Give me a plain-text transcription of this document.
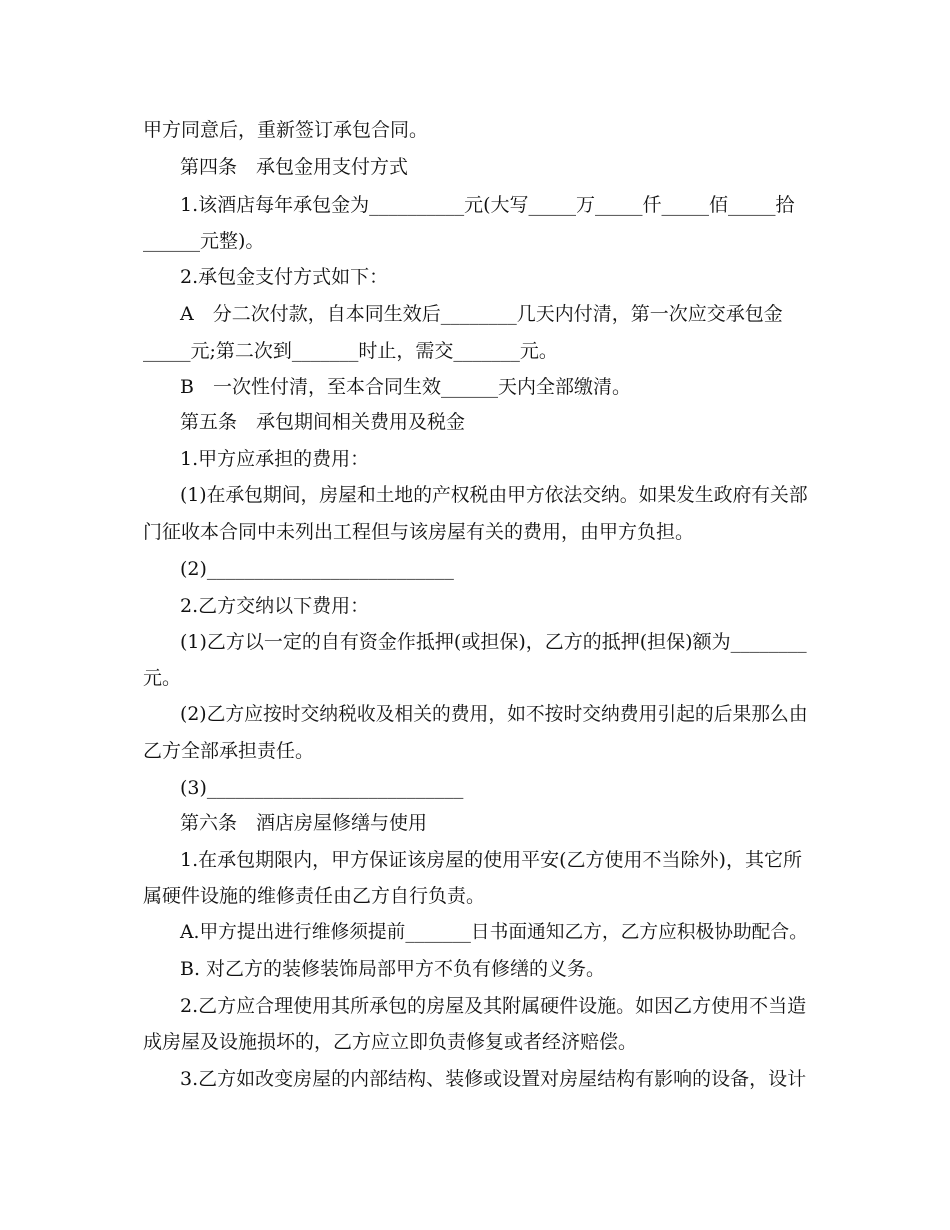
甲方同意后，重新签订承包合同。
第四条　承包金用支付方式
1.该酒店每年承包金为__________元(大写_____万_____仟_____佰_____拾
______元整)。
2.承包金支付方式如下：
A　分二次付款，自本同生效后________几天内付清，第一次应交承包金
_____元;第二次到_______时止，需交_______元。
B　一次性付清，至本合同生效______天内全部缴清。
第五条　承包期间相关费用及税金
1.甲方应承担的费用：
(1)在承包期间，房屋和土地的产权税由甲方依法交纳。如果发生政府有关部
门征收本合同中未列出工程但与该房屋有关的费用，由甲方负担。
(2)__________________________
2.乙方交纳以下费用：
(1)乙方以一定的自有资金作抵押(或担保)，乙方的抵押(担保)额为________
元。
(2)乙方应按时交纳税收及相关的费用，如不按时交纳费用引起的后果那么由
乙方全部承担责任。
(3)___________________________
第六条　酒店房屋修缮与使用
1.在承包期限内，甲方保证该房屋的使用平安(乙方使用不当除外)，其它所
属硬件设施的维修责任由乙方自行负责。
A.甲方提出进行维修须提前_______日书面通知乙方，乙方应积极协助配合。
B. 对乙方的装修装饰局部甲方不负有修缮的义务。
2.乙方应合理使用其所承包的房屋及其附属硬件设施。如因乙方使用不当造
成房屋及设施损坏的，乙方应立即负责修复或者经济赔偿。
3.乙方如改变房屋的内部结构、装修或设置对房屋结构有影响的设备，设计
